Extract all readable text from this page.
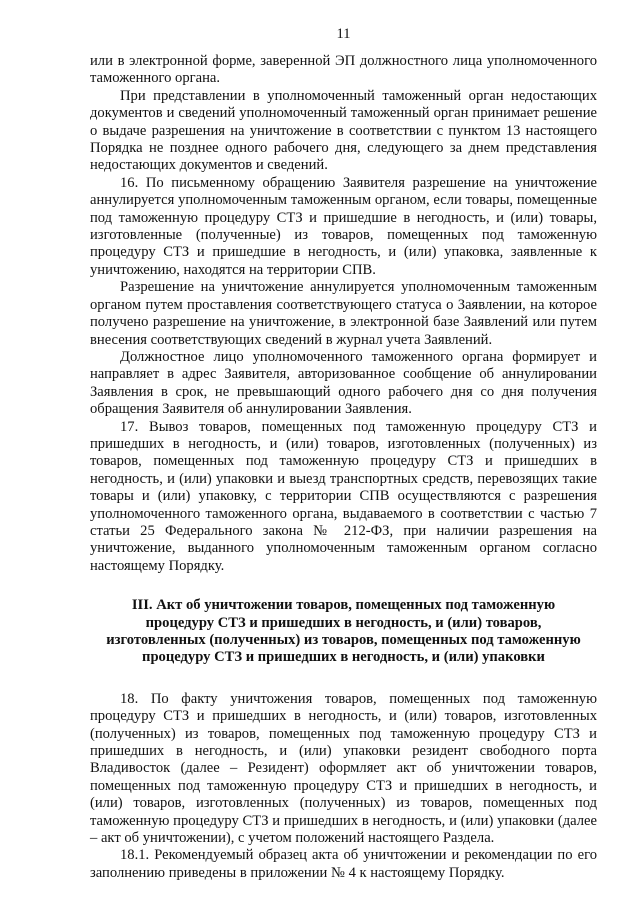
11

или в электронной форме, заверенной ЭП должностного лица уполномоченного таможенного органа.

При представлении в уполномоченный таможенный орган недостающих документов и сведений уполномоченный таможенный орган принимает решение о выдаче разрешения на уничтожение в соответствии с пунктом 13 настоящего Порядка не позднее одного рабочего дня, следующего за днем представления недостающих документов и сведений.

16. По письменному обращению Заявителя разрешение на уничтожение аннулируется уполномоченным таможенным органом, если товары, помещенные под таможенную процедуру СТЗ и пришедшие в негодность, и (или) товары, изготовленные (полученные) из товаров, помещенных под таможенную процедуру СТЗ и пришедшие в негодность, и (или) упаковка, заявленные к уничтожению, находятся на территории СПВ.

Разрешение на уничтожение аннулируется уполномоченным таможенным органом путем проставления соответствующего статуса о Заявлении, на которое получено разрешение на уничтожение, в электронной базе Заявлений или путем внесения соответствующих сведений в журнал учета Заявлений.

Должностное лицо уполномоченного таможенного органа формирует и направляет в адрес Заявителя, авторизованное сообщение об аннулировании Заявления в срок, не превышающий одного рабочего дня со дня получения обращения Заявителя об аннулировании Заявления.

17. Вывоз товаров, помещенных под таможенную процедуру СТЗ и пришедших в негодность, и (или) товаров, изготовленных (полученных) из товаров, помещенных под таможенную процедуру СТЗ и пришедших в негодность, и (или) упаковки и выезд транспортных средств, перевозящих такие товары и (или) упаковку, с территории СПВ осуществляются с разрешения уполномоченного таможенного органа, выдаваемого в соответствии с частью 7 статьи 25 Федерального закона № 212-ФЗ, при наличии разрешения на уничтожение, выданного уполномоченным таможенным органом согласно настоящему Порядку.

III. Акт об уничтожении товаров, помещенных под таможенную процедуру СТЗ и пришедших в негодность, и (или) товаров, изготовленных (полученных) из товаров, помещенных под таможенную процедуру СТЗ и пришедших в негодность, и (или) упаковки

18. По факту уничтожения товаров, помещенных под таможенную процедуру СТЗ и пришедших в негодность, и (или) товаров, изготовленных (полученных) из товаров, помещенных под таможенную процедуру СТЗ и пришедших в негодность, и (или) упаковки резидент свободного порта Владивосток (далее – Резидент) оформляет акт об уничтожении товаров, помещенных под таможенную процедуру СТЗ и пришедших в негодность, и (или) товаров, изготовленных (полученных) из товаров, помещенных под таможенную процедуру СТЗ и пришедших в негодность, и (или) упаковки (далее – акт об уничтожении), с учетом положений настоящего Раздела.

18.1. Рекомендуемый образец акта об уничтожении и рекомендации по его заполнению приведены в приложении № 4 к настоящему Порядку.
